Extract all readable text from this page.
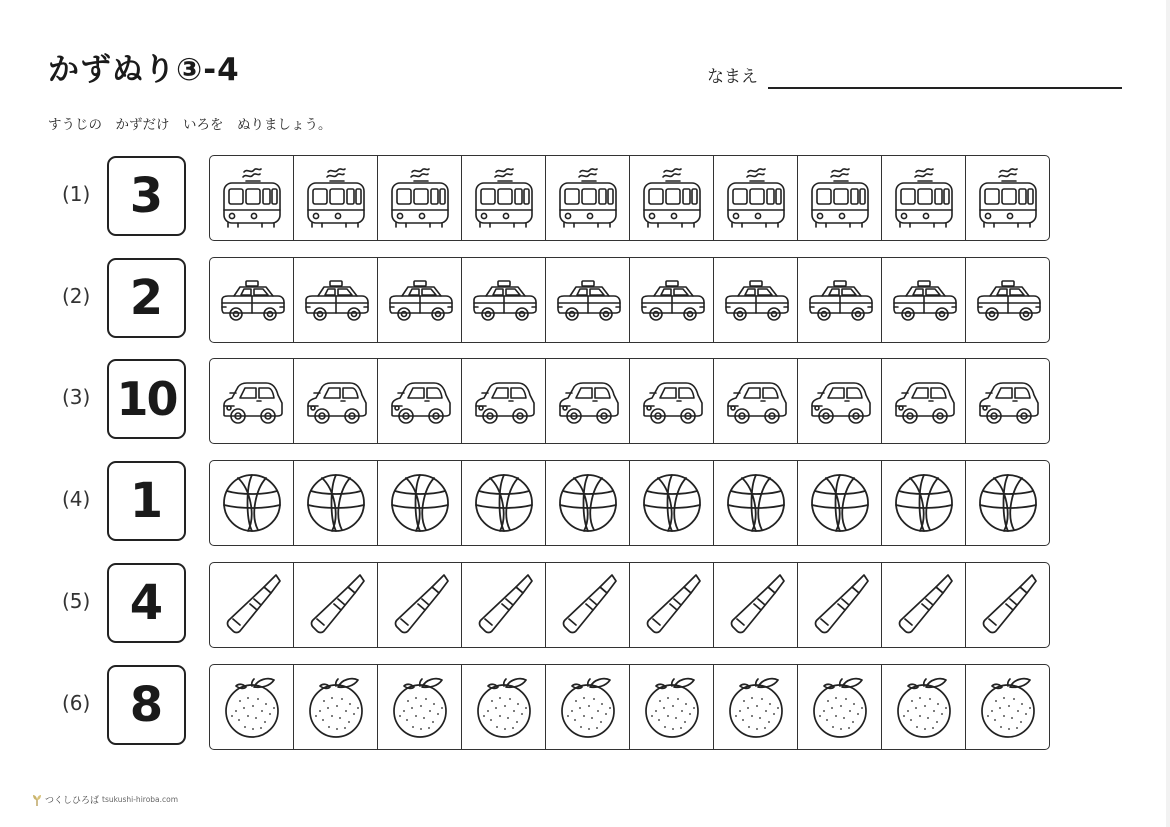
かずぬり③-4	なまえ
すうじの　かずだけ　いろを　ぬりましょう。
(1) 3
(2) 2
(3) 10
(4) 1
(5) 4
(6) 8
つくしひろば tsukushi-hiroba.com
